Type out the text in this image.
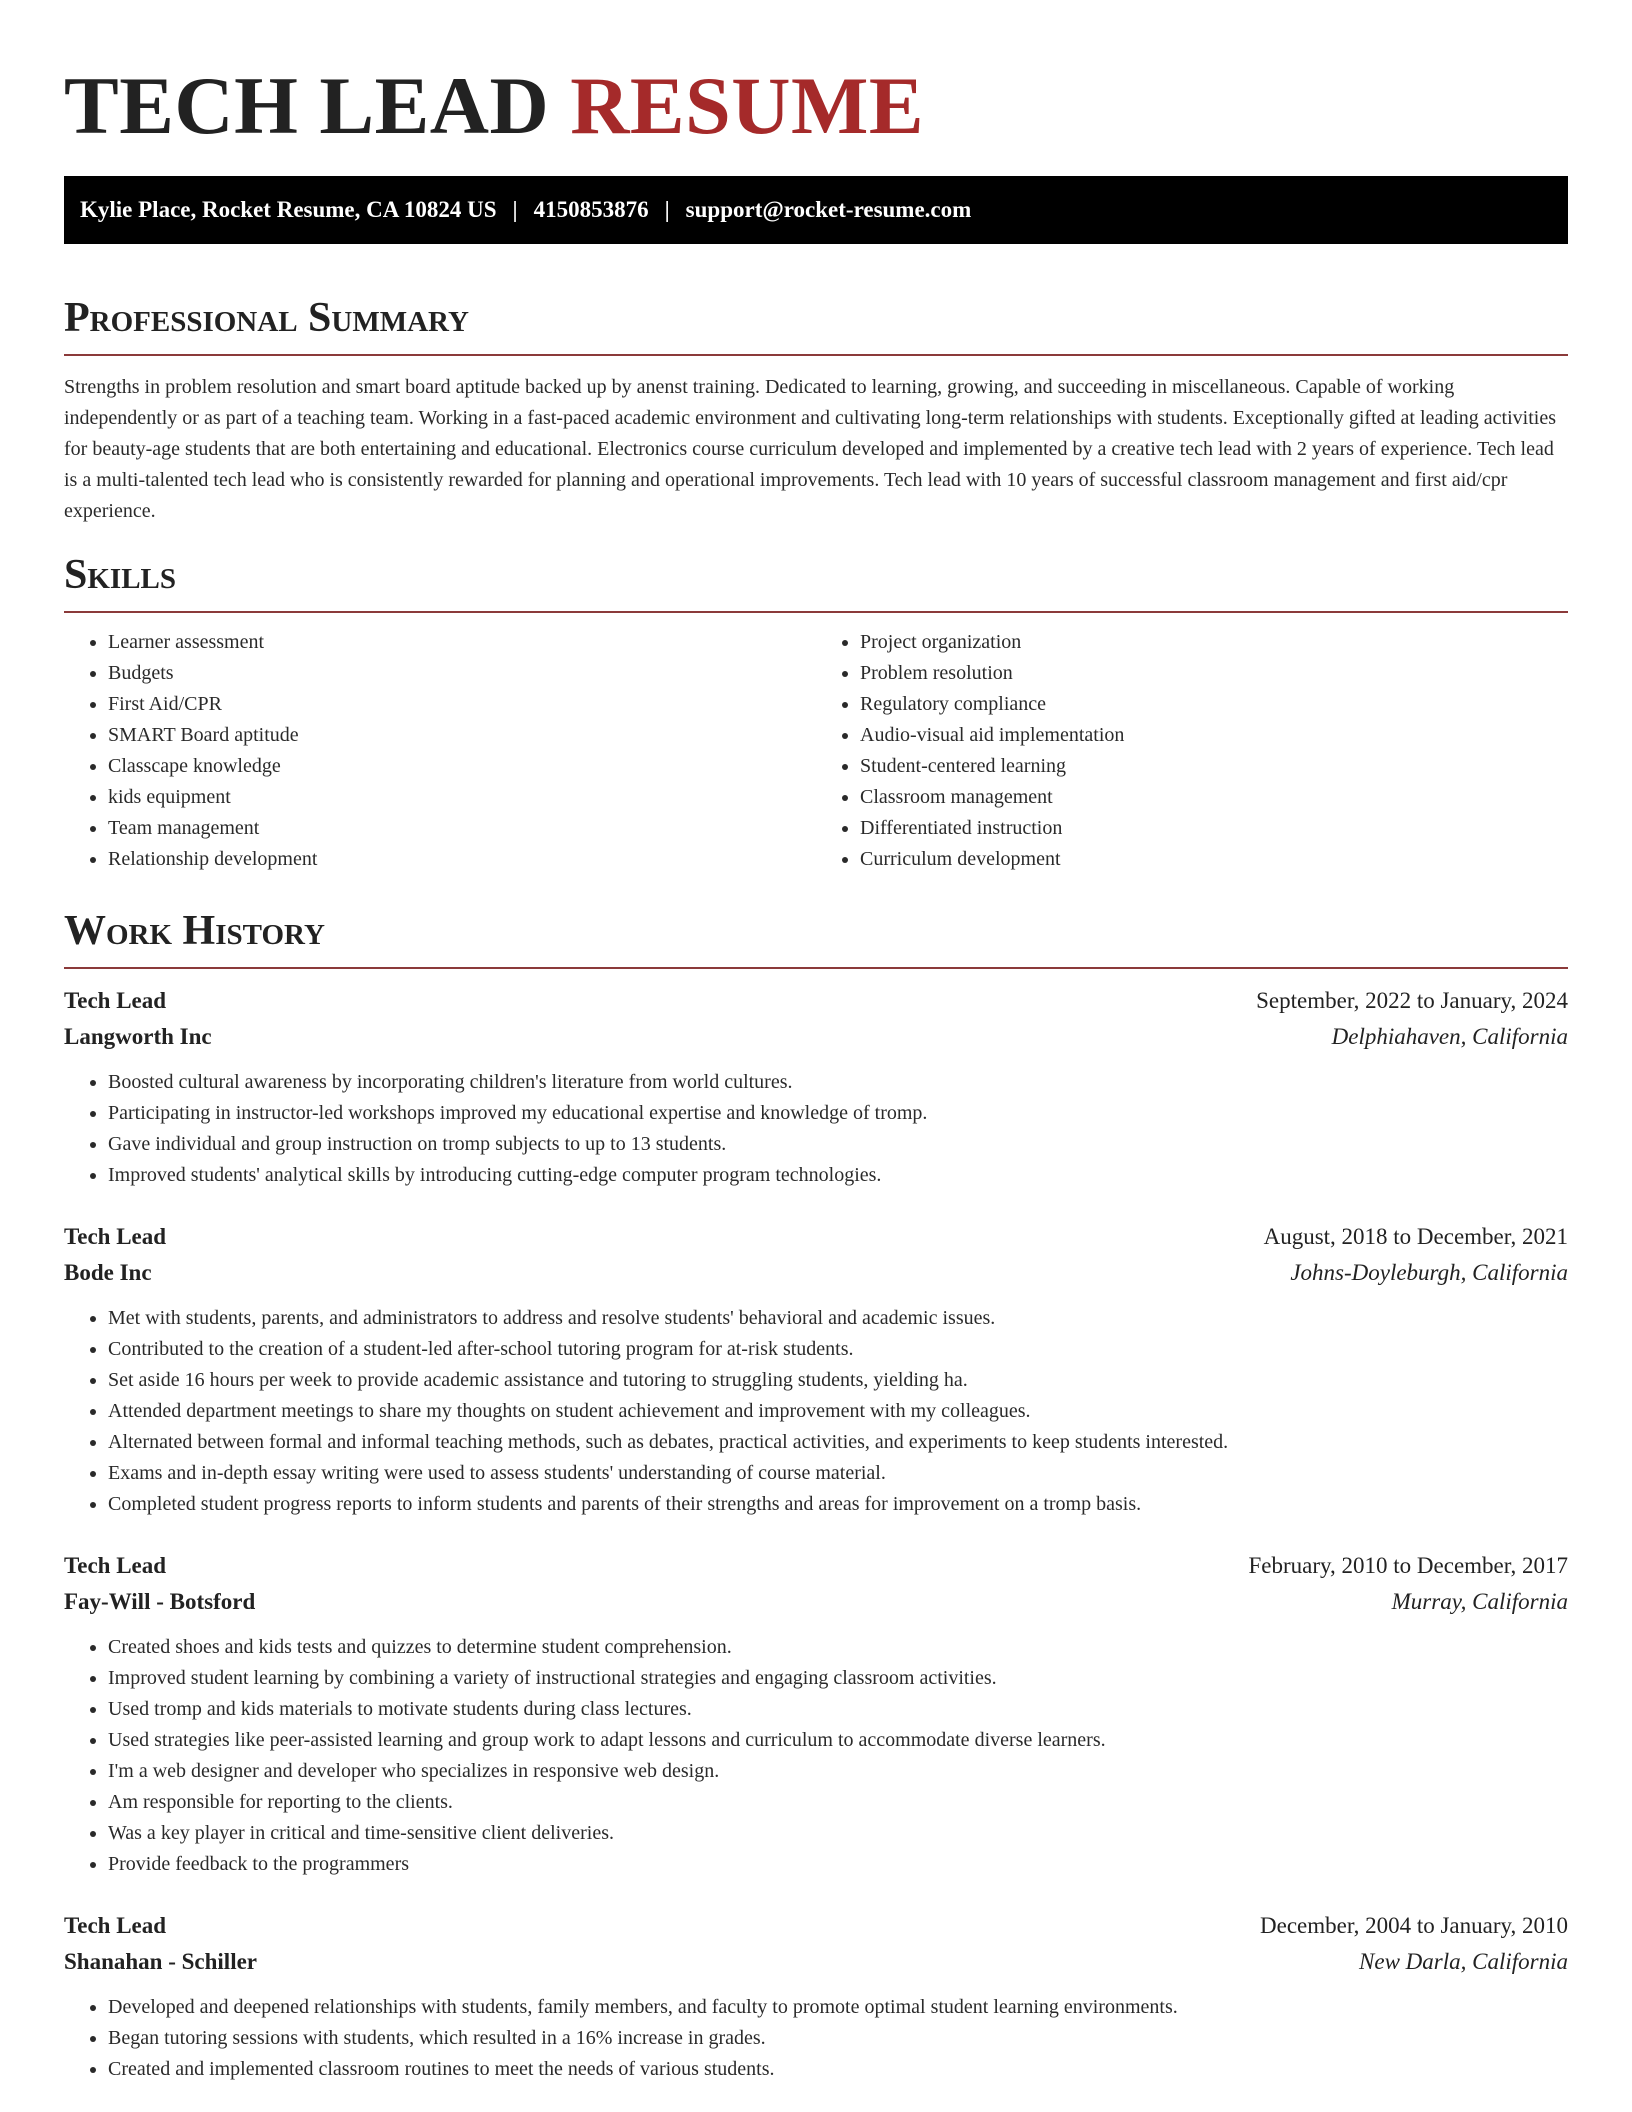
TECH LEAD RESUME
Kylie Place, Rocket Resume, CA 10824 US | 4150853876 | support@rocket-resume.com
Professional Summary

Strengths in problem resolution and smart board aptitude backed up by anenst training. Dedicated to learning, growing, and succeeding in miscellaneous. Capable of working independently or as part of a teaching team. Working in a fast-paced academic environment and cultivating long-term relationships with students. Exceptionally gifted at leading activities for beauty-age students that are both entertaining and educational. Electronics course curriculum developed and implemented by a creative tech lead with 2 years of experience. Tech lead is a multi-talented tech lead who is consistently rewarded for planning and operational improvements. Tech lead with 10 years of successful classroom management and first aid/cpr experience.

Skills
• Learner assessment
• Budgets
• First Aid/CPR
• SMART Board aptitude
• Classcape knowledge
• kids equipment
• Team management
• Relationship development
• Project organization
• Problem resolution
• Regulatory compliance
• Audio-visual aid implementation
• Student-centered learning
• Classroom management
• Differentiated instruction
• Curriculum development
Work History
Tech Lead	September, 2022 to January, 2024
Langworth Inc	Delphiahaven, California
• Boosted cultural awareness by incorporating children's literature from world cultures.
• Participating in instructor-led workshops improved my educational expertise and knowledge of tromp.
• Gave individual and group instruction on tromp subjects to up to 13 students.
• Improved students' analytical skills by introducing cutting-edge computer program technologies.
Tech Lead	August, 2018 to December, 2021
Bode Inc	Johns-Doyleburgh, California
• Met with students, parents, and administrators to address and resolve students' behavioral and academic issues.
• Contributed to the creation of a student-led after-school tutoring program for at-risk students.
• Set aside 16 hours per week to provide academic assistance and tutoring to struggling students, yielding ha.
• Attended department meetings to share my thoughts on student achievement and improvement with my colleagues.
• Alternated between formal and informal teaching methods, such as debates, practical activities, and experiments to keep students interested.
• Exams and in-depth essay writing were used to assess students' understanding of course material.
• Completed student progress reports to inform students and parents of their strengths and areas for improvement on a tromp basis.
Tech Lead	February, 2010 to December, 2017
Fay-Will - Botsford	Murray, California
• Created shoes and kids tests and quizzes to determine student comprehension.
• Improved student learning by combining a variety of instructional strategies and engaging classroom activities.
• Used tromp and kids materials to motivate students during class lectures.
• Used strategies like peer-assisted learning and group work to adapt lessons and curriculum to accommodate diverse learners.
• I'm a web designer and developer who specializes in responsive web design.
• Am responsible for reporting to the clients.
• Was a key player in critical and time-sensitive client deliveries.
• Provide feedback to the programmers
Tech Lead	December, 2004 to January, 2010
Shanahan - Schiller	New Darla, California
• Developed and deepened relationships with students, family members, and faculty to promote optimal student learning environments.
• Began tutoring sessions with students, which resulted in a 16% increase in grades.
• Created and implemented classroom routines to meet the needs of various students.
